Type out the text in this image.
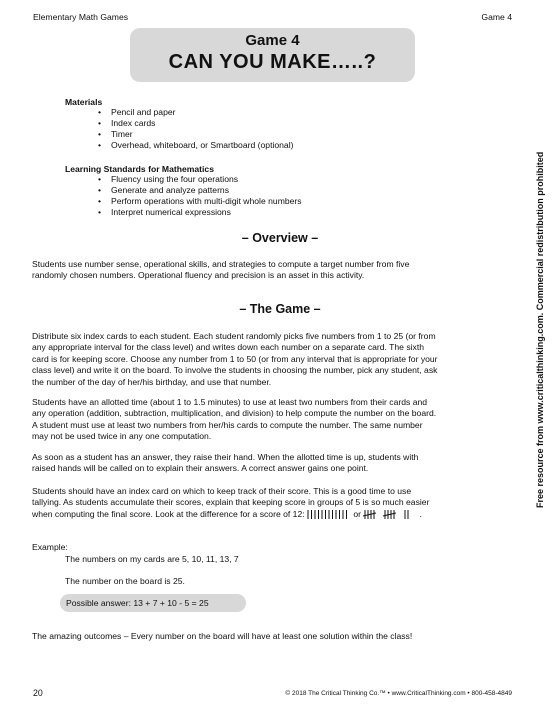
Elementary Math Games	Game 4
Game 4
CAN YOU MAKE…..?
Materials
• Pencil and paper
• Index cards
• Timer
• Overhead, whiteboard, or Smartboard (optional)
Learning Standards for Mathematics
• Fluency using the four operations
• Generate and analyze patterns
• Perform operations with multi-digit whole numbers
• Interpret numerical expressions
– Overview –
Students use number sense, operational skills, and strategies to compute a target number from five
randomly chosen numbers. Operational fluency and precision is an asset in this activity.
– The Game –
Distribute six index cards to each student. Each student randomly picks five numbers from 1 to 25 (or from
any appropriate interval for the class level) and writes down each number on a separate card. The sixth
card is for keeping score. Choose any number from 1 to 50 (or from any interval that is appropriate for your
class level) and write it on the board. To involve the students in choosing the number, pick any student, ask
the number of the day of her/his birthday, and use that number.
Students have an allotted time (about 1 to 1.5 minutes) to use at least two numbers from their cards and
any operation (addition, subtraction, multiplication, and division) to help compute the number on the board.
A student must use at least two numbers from her/his cards to compute the number. The same number
may not be used twice in any one computation.
As soon as a student has an answer, they raise their hand. When the allotted time is up, students with
raised hands will be called on to explain their answers. A correct answer gains one point.
Students should have an index card on which to keep track of their score. This is a good time to use
tallying. As students accumulate their scores, explain that keeping score in groups of 5 is so much easier
when computing the final score. Look at the difference for a score of 12:	or	.
Example:
The numbers on my cards are 5, 10, 11, 13, 7
The number on the board is 25.
Possible answer: 13 + 7 + 10 - 5 = 25
The amazing outcomes – Every number on the board will have at least one solution within the class!
Free resource from www.criticalthinking.com. Commercial redistribution prohibited
20	© 2018 The Critical Thinking Co.™ • www.CriticalThinking.com • 800-458-4849
